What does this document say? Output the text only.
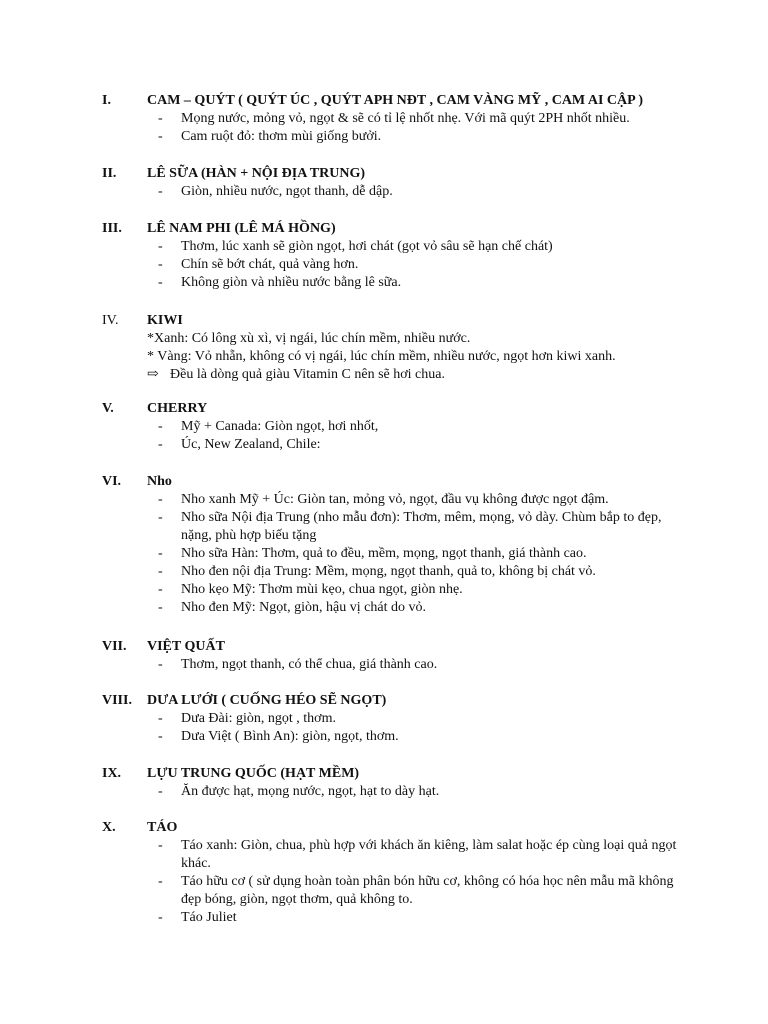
I.	CAM – QUÝT ( QUÝT ÚC , QUÝT APH NĐT , CAM VÀNG MỸ , CAM AI CẬP )
- Mọng nước, mỏng vỏ, ngọt & sẽ có tỉ lệ nhốt nhẹ. Với mã quýt 2PH nhốt nhiều.
- Cam ruột đỏ: thơm mùi giống bưởi.
II. LÊ SỮA (HÀN + NỘI ĐỊA TRUNG)
- Giòn, nhiều nước, ngọt thanh, dễ dập.
III. LÊ NAM PHI (LÊ MÁ HỒNG)
- Thơm, lúc xanh sẽ giòn ngọt, hơi chát (gọt vỏ sâu sẽ hạn chế chát)
- Chín sẽ bớt chát, quả vàng hơn.
- Không giòn và nhiều nước bằng lê sữa.
IV. KIWI
*Xanh: Có lông xù xì, vị ngái, lúc chín mềm, nhiều nước.
* Vàng: Vỏ nhẵn, không có vị ngái, lúc chín mềm, nhiều nước, ngọt hơn kiwi xanh.
⇨ Đều là dòng quả giàu Vitamin C nên sẽ hơi chua.
V. CHERRY
- Mỹ + Canada: Giòn ngọt, hơi nhốt,
- Úc, New Zealand, Chile:
VI. Nho
- Nho xanh Mỹ + Úc: Giòn tan, mỏng vỏ, ngọt, đầu vụ không được ngọt đậm.
- Nho sữa Nội địa Trung (nho mẫu đơn): Thơm, mêm, mọng, vỏ dày. Chùm bắp to đẹp, nặng, phù hợp biếu tặng
- Nho sữa Hàn: Thơm, quả to đều, mềm, mọng, ngọt thanh, giá thành cao.
- Nho đen nội địa Trung: Mềm, mọng, ngọt thanh, quả to, không bị chát vỏ.
- Nho kẹo Mỹ: Thơm mùi kẹo, chua ngọt, giòn nhẹ.
- Nho đen Mỹ: Ngọt, giòn, hậu vị chát do vỏ.
VII. VIỆT QUẤT
- Thơm, ngọt thanh, có thể chua, giá thành cao.
VIII. DƯA LƯỚI ( CUỐNG HÉO SẼ NGỌT)
- Dưa Đài: giòn, ngọt , thơm.
- Dưa Việt ( Bình An): giòn, ngọt, thơm.
IX. LỰU TRUNG QUỐC (HẠT MỀM)
- Ăn được hạt, mọng nước, ngọt, hạt to dày hạt.
X. TÁO
- Táo xanh: Giòn, chua, phù hợp với khách ăn kiêng, làm salat hoặc ép cùng loại quả ngọt khác.
- Táo hữu cơ ( sử dụng hoàn toàn phân bón hữu cơ, không có hóa học nên mẫu mã không đẹp bóng, giòn, ngọt thơm, quả không to.
- Táo Juliet
